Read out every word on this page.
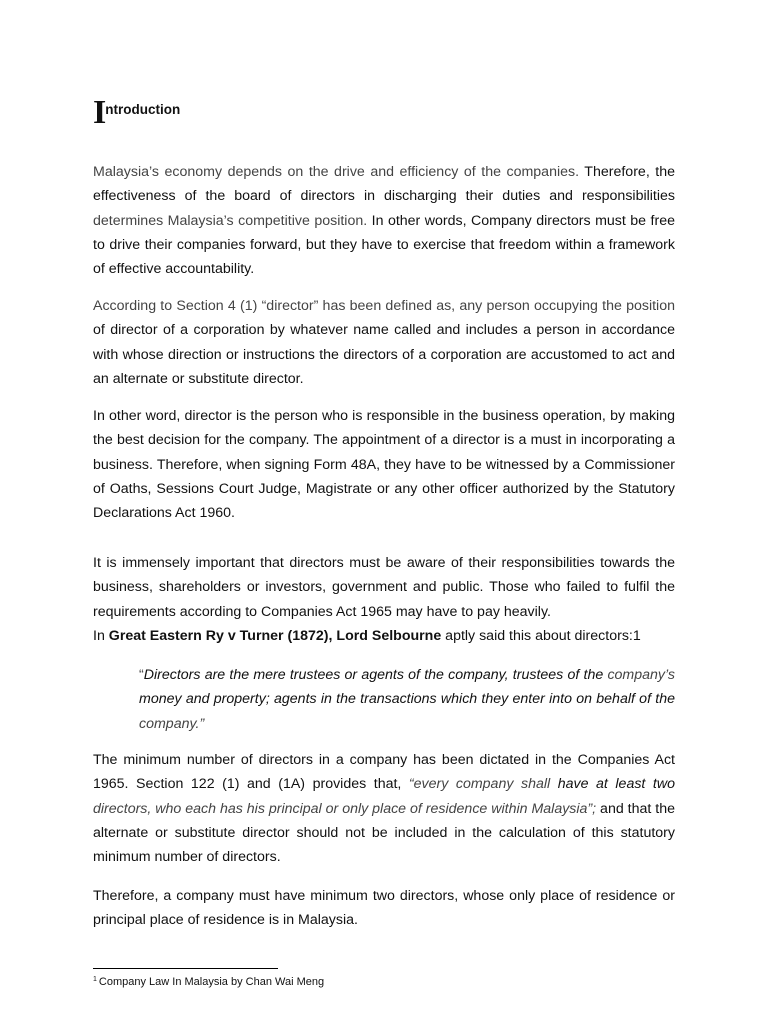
Introduction

Malaysia’s economy depends on the drive and efficiency of the companies. Therefore, the effectiveness of the board of directors in discharging their duties and responsibilities determines Malaysia’s competitive position. In other words, Company directors must be free to drive their companies forward, but they have to exercise that freedom within a framework of effective accountability.

According to Section 4 (1) “director” has been defined as, any person occupying the position of director of a corporation by whatever name called and includes a person in accordance with whose direction or instructions the directors of a corporation are accustomed to act and an alternate or substitute director.

In other word, director is the person who is responsible in the business operation, by making the best decision for the company. The appointment of a director is a must in incorporating a business. Therefore, when signing Form 48A, they have to be witnessed by a Commissioner of Oaths, Sessions Court Judge, Magistrate or any other officer authorized by the Statutory Declarations Act 1960.

It is immensely important that directors must be aware of their responsibilities towards the business, shareholders or investors, government and public. Those who failed to fulfil the requirements according to Companies Act 1965 may have to pay heavily.
In Great Eastern Ry v Turner (1872), Lord Selbourne aptly said this about directors:1

“Directors are the mere trustees or agents of the company, trustees of the company’s money and property; agents in the transactions which they enter into on behalf of the company.”

The minimum number of directors in a company has been dictated in the Companies Act 1965. Section 122 (1) and (1A) provides that, “every company shall have at least two directors, who each has his principal or only place of residence within Malaysia”; and that the alternate or substitute director should not be included in the calculation of this statutory minimum number of directors.

Therefore, a company must have minimum two directors, whose only place of residence or principal place of residence is in Malaysia.

$^1$ Company Law In Malaysia by Chan Wai Meng
